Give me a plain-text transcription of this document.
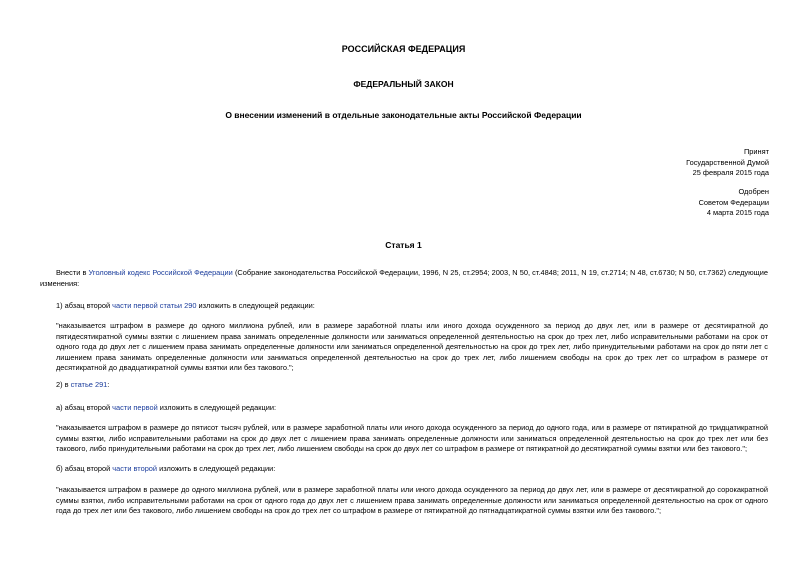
РОССИЙСКАЯ ФЕДЕРАЦИЯ
ФЕДЕРАЛЬНЫЙ ЗАКОН
О внесении изменений в отдельные законодательные акты Российской Федерации
Принят
Государственной Думой
25 февраля 2015 года
Одобрен
Советом Федерации
4 марта 2015 года
Статья 1
Внести в Уголовный кодекс Российской Федерации (Собрание законодательства Российской Федерации, 1996, N 25, ст.2954; 2003, N 50, ст.4848; 2011, N 19, ст.2714; N 48, ст.6730; N 50, ст.7362) следующие изменения:
1) абзац второй части первой статьи 290 изложить в следующей редакции:
"наказывается штрафом в размере до одного миллиона рублей, или в размере заработной платы или иного дохода осужденного за период до двух лет, или в размере от десятикратной до пятидесятикратной суммы взятки с лишением права занимать определенные должности или заниматься определенной деятельностью на срок до трех лет, либо исправительными работами на срок от одного года до двух лет с лишением права занимать определенные должности или заниматься определенной деятельностью на срок до трех лет, либо принудительными работами на срок до пяти лет с лишением права занимать определенные должности или заниматься определенной деятельностью на срок до трех лет, либо лишением свободы на срок до трех лет со штрафом в размере от десятикратной до двадцатикратной суммы взятки или без такового.";
2) в статье 291:
а) абзац второй части первой изложить в следующей редакции:
"наказывается штрафом в размере до пятисот тысяч рублей, или в размере заработной платы или иного дохода осужденного за период до одного года, или в размере от пятикратной до тридцатикратной суммы взятки, либо исправительными работами на срок до двух лет с лишением права занимать определенные должности или заниматься определенной деятельностью на срок до трех лет или без такового, либо принудительными работами на срок до трех лет, либо лишением свободы на срок до двух лет со штрафом в размере от пятикратной до десятикратной суммы взятки или без такового.";
б) абзац второй части второй изложить в следующей редакции:
"наказывается штрафом в размере до одного миллиона рублей, или в размере заработной платы или иного дохода осужденного за период до двух лет, или в размере от десятикратной до сорокакратной суммы взятки, либо исправительными работами на срок от одного года до двух лет с лишением права занимать определенные должности или заниматься определенной деятельностью на срок от одного года до трех лет или без такового, либо лишением свободы на срок до трех лет со штрафом в размере от пятикратной до пятнадцатикратной суммы взятки или без такового.";
